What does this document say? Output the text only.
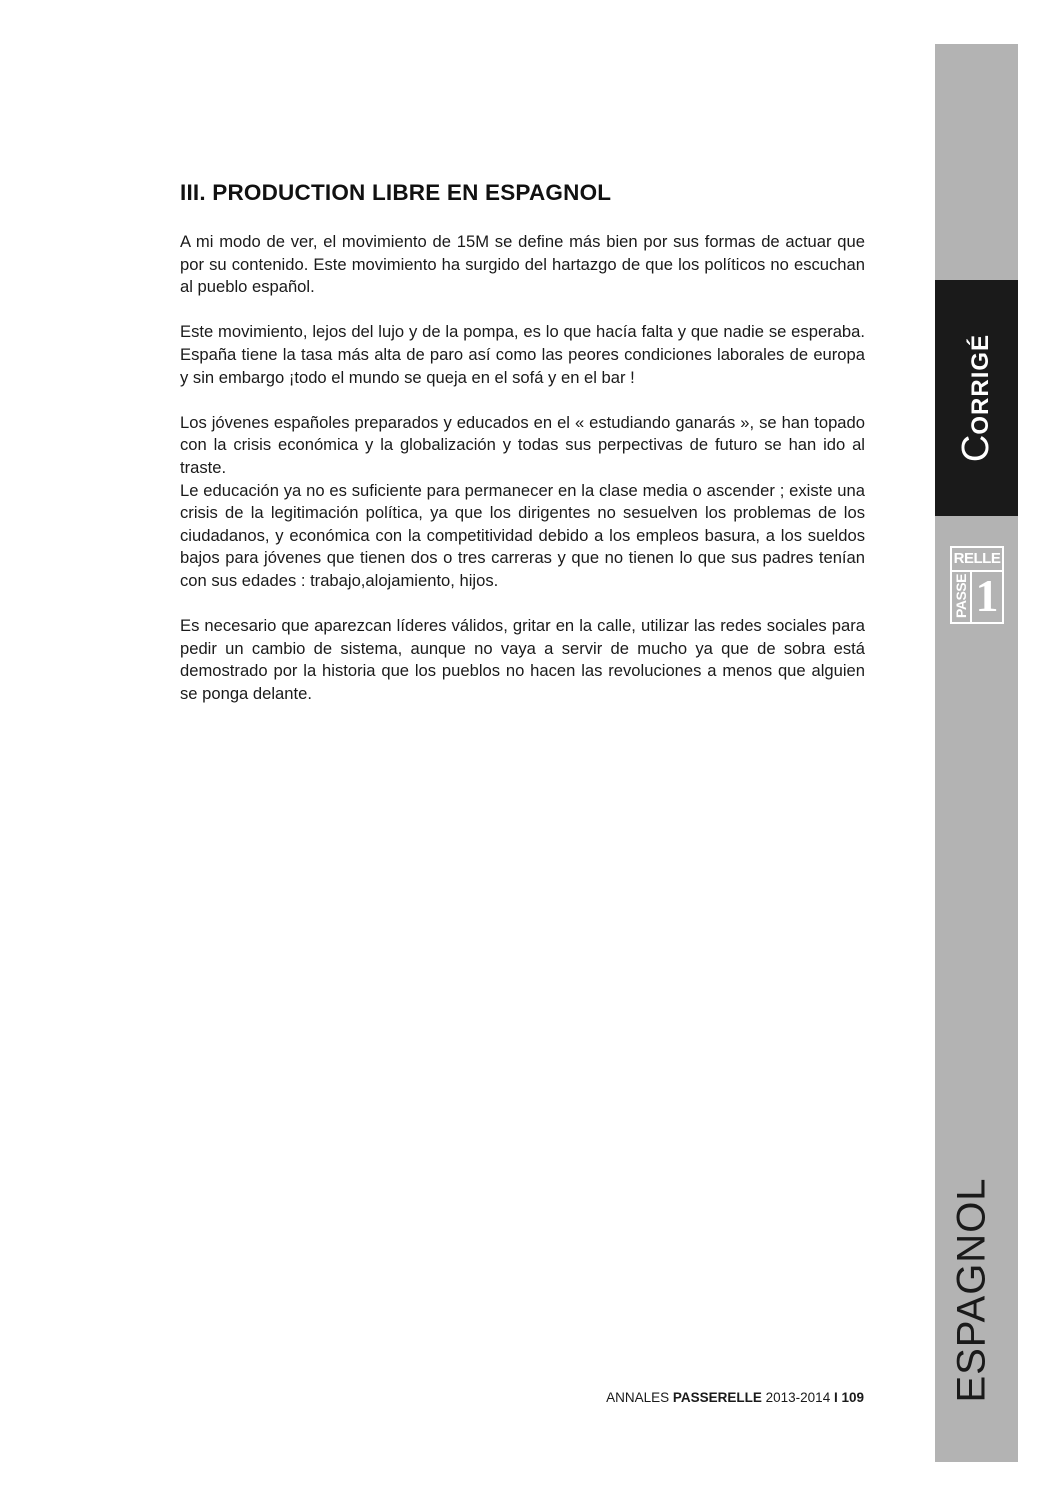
CORRIGÉ
RELLE
PASSE 1
ESPAGNOL
III. PRODUCTION LIBRE EN ESPAGNOL

A mi modo de ver, el movimiento de 15M se define más bien por sus formas de actuar que por su contenido. Este movimiento ha surgido del hartazgo de que los políticos no escuchan al pueblo español.

Este movimiento, lejos del lujo y de la pompa, es lo que hacía falta y que nadie se esperaba. España tiene la tasa más alta de paro así como las peores condiciones laborales de europa y sin embargo ¡todo el mundo se queja en el sofá y en el bar !

Los jóvenes españoles preparados y educados en el « estudiando ganarás », se han topado con la crisis económica y la globalización y todas sus perpectivas de futuro se han ido al traste.

Le educación ya no es suficiente para permanecer en la clase media o ascender ; existe una crisis de la legitimación política, ya que los dirigentes no sesuelven los problemas de los ciudadanos, y económica con la competitividad debido a los empleos basura, a los sueldos bajos para jóvenes que tienen dos o tres carreras y que no tienen lo que sus padres tenían con sus edades : trabajo,alojamiento, hijos.

Es necesario que aparezcan líderes válidos, gritar en la calle, utilizar las redes sociales para pedir un cambio de sistema, aunque no vaya a servir de mucho ya que de sobra está demostrado por la historia que los pueblos no hacen las revoluciones a menos que alguien se ponga delante.

ANNALES PASSERELLE 2013-2014 I 109
